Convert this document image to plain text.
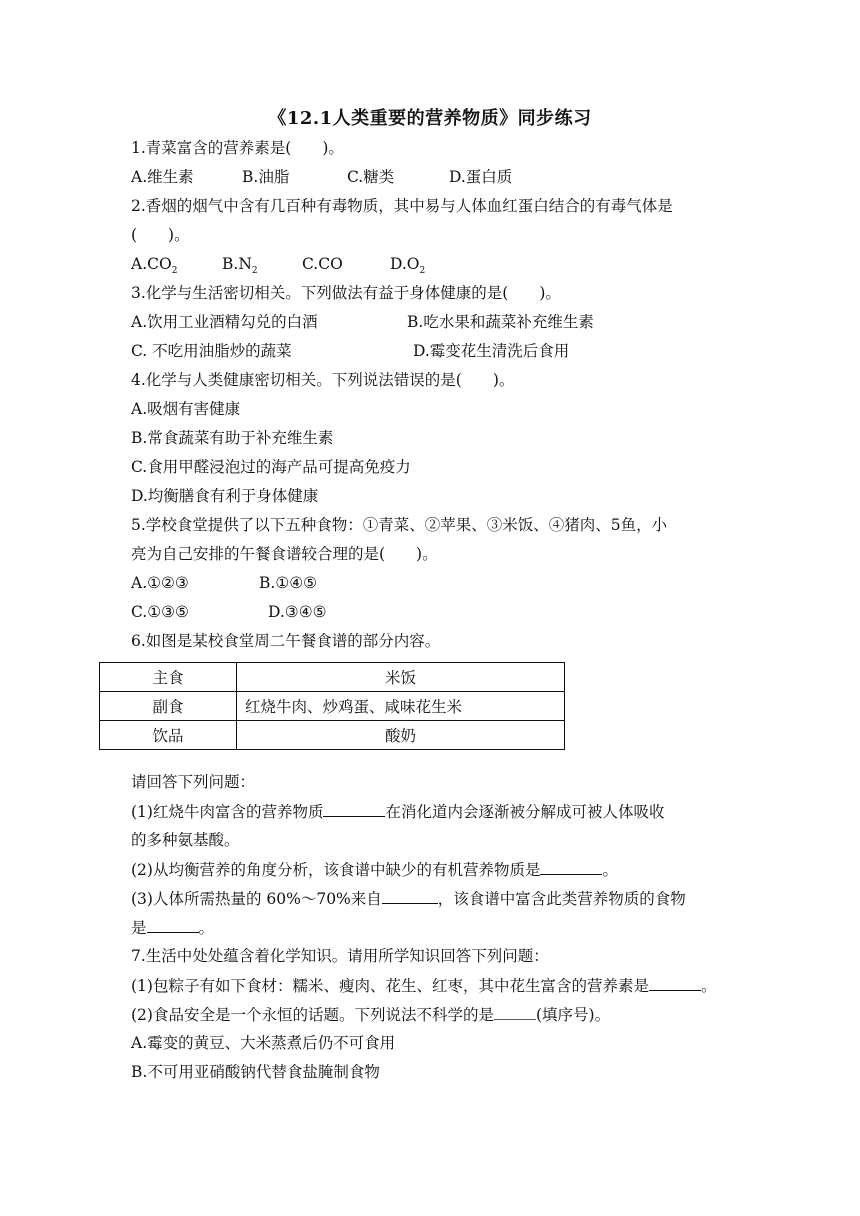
《12.1人类重要的营养物质》同步练习
1.青菜富含的营养素是(　　)。
A.维生素	B.油脂	C.糖类	D.蛋白质
2.香烟的烟气中含有几百种有毒物质，其中易与人体血红蛋白结合的有毒气体是
(　　)。
$A.CO_2$	$B.N_2$	C.CO	$D.O_2$
3.化学与生活密切相关。下列做法有益于身体健康的是(　　)。
A.饮用工业酒精勾兑的白酒	B.吃水果和蔬菜补充维生素
C. 不吃用油脂炒的蔬菜	D.霉变花生清洗后食用
4.化学与人类健康密切相关。下列说法错误的是(　　)。
A.吸烟有害健康
B.常食蔬菜有助于补充维生素
C.食用甲醛浸泡过的海产品可提高免疫力
D.均衡膳食有利于身体健康
5.学校食堂提供了以下五种食物：①青菜、②苹果、③米饭、④猪肉、5鱼，小
亮为自己安排的午餐食谱较合理的是(　　)。
A.①②③	B.①④⑤
C.①③⑤	D.③④⑤
6.如图是某校食堂周二午餐食谱的部分内容。
主食	米饭
副食	红烧牛肉、炒鸡蛋、咸味花生米
饮品	酸奶
请回答下列问题：
(1)红烧牛肉富含的营养物质	在消化道内会逐渐被分解成可被人体吸收
的多种氨基酸。
(2)从均衡营养的角度分析，该食谱中缺少的有机营养物质是	。
(3)人体所需热量的 60%～70%来自	，该食谱中富含此类营养物质的食物
是	。
7.生活中处处蕴含着化学知识。请用所学知识回答下列问题：
(1)包粽子有如下食材：糯米、瘦肉、花生、红枣，其中花生富含的营养素是	。
(2)食品安全是一个永恒的话题。下列说法不科学的是	(填序号)。
A.霉变的黄豆、大米蒸煮后仍不可食用
B.不可用亚硝酸钠代替食盐腌制食物
